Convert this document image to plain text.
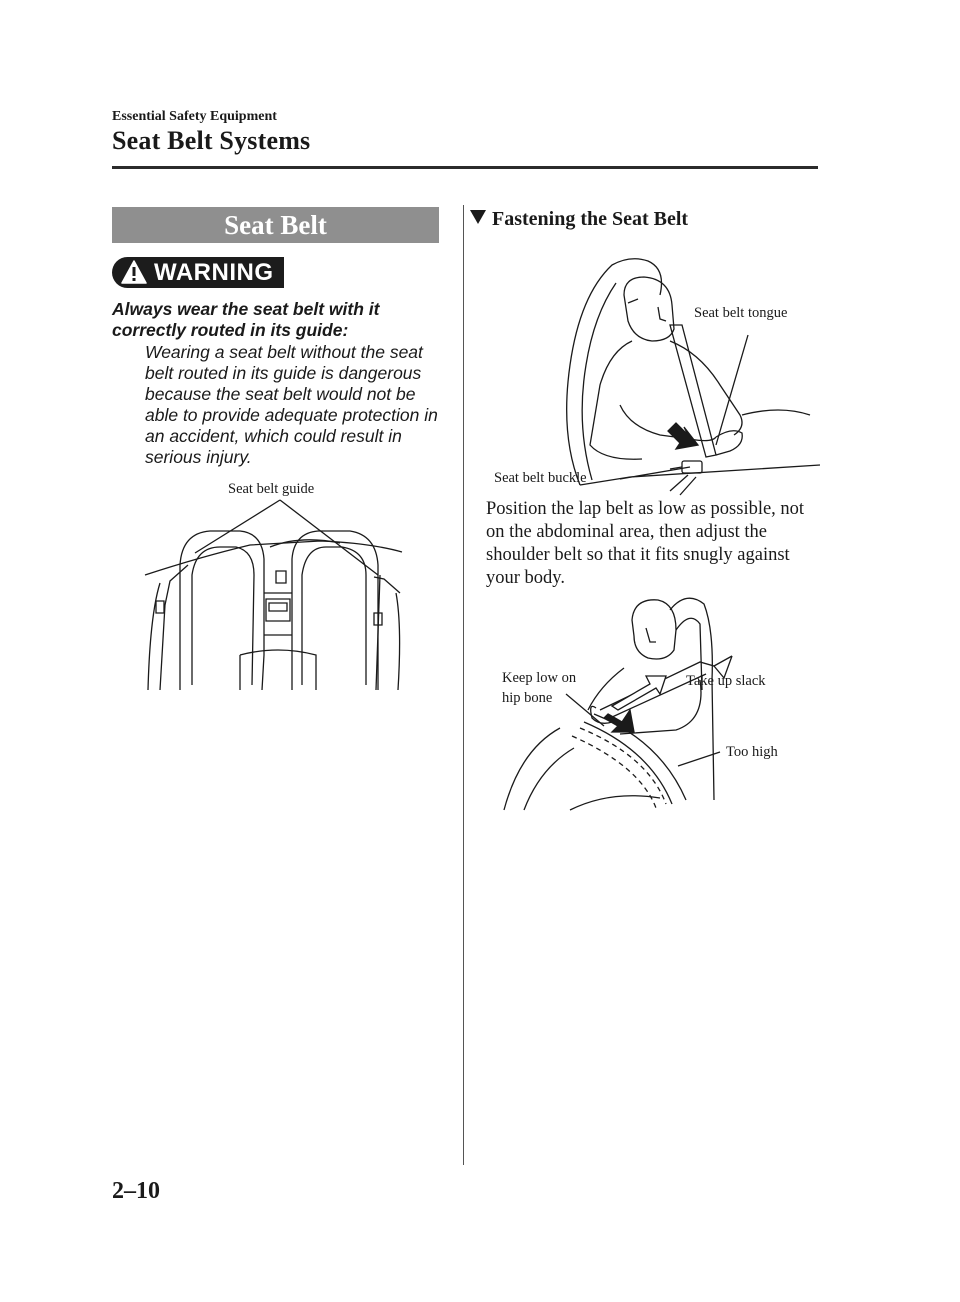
Essential Safety Equipment
Seat Belt Systems
Seat Belt
WARNING
Always wear the seat belt with it correctly routed in its guide:
Wearing a seat belt without the seat belt routed in its guide is dangerous because the seat belt would not be able to provide adequate protection in an accident, which could result in serious injury.
Seat belt guide
Fastening the Seat Belt
Seat belt tongue
Seat belt buckle
Position the lap belt as low as possible, not on the abdominal area, then adjust the shoulder belt so that it fits snugly against your body.
Keep low on
hip bone
Take up slack
Too high
2–10
